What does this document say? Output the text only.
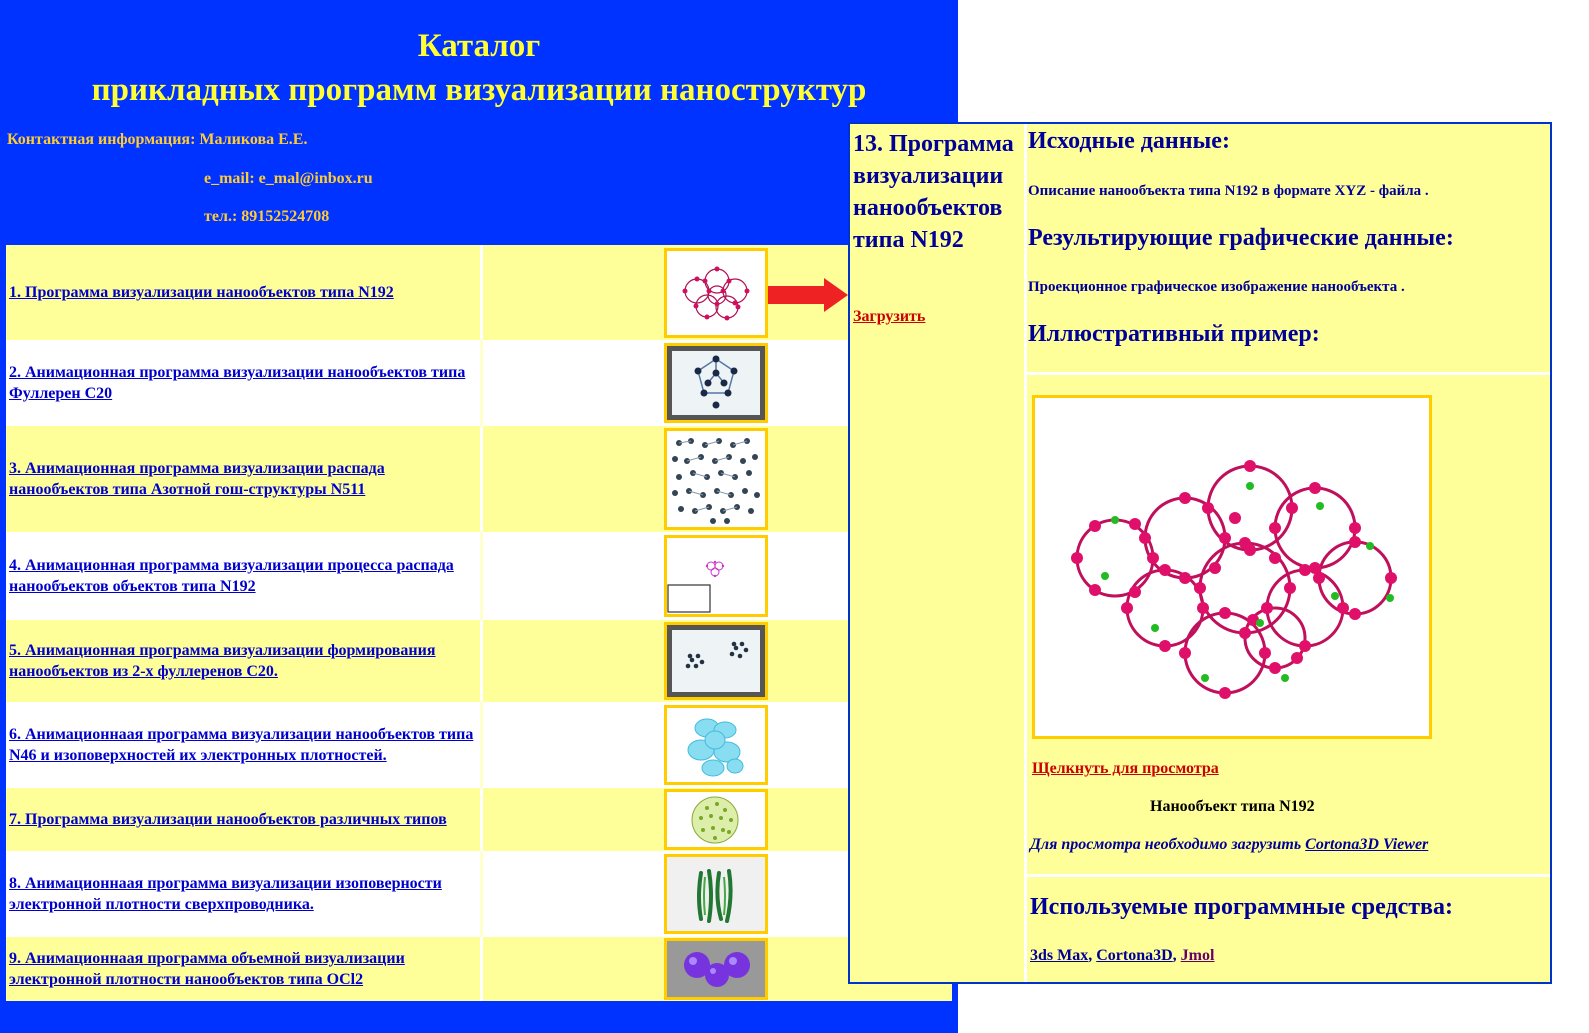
Каталог
прикладных программ визуализации наноструктур
Контактная информация: Маликова Е.Е.
e_mail: e_mal@inbox.ru
тел.: 89152524708
1. Программа визуализации нанообъектов типа N192
2. Анимационная программа визуализации нанообъектов типа Фуллерен С20
3. Анимационная программа визуализации распада нанообъектов типа Азотной гош-структуры N511
4. Анимационная программа визуализации процесса распада нанообъектов объектов типа N192
5. Анимационная программа визуализации формирования нанообъектов из 2-х фуллеренов С20.
6. Анимационнаая программа визуализации нанообъектов типа N46 и изоповерхностей их электронных плотностей.
7. Программа визуализации нанообъектов различных типов
8. Анимационнаая программа визуализации изоповерности электронной плотности сверхпроводника.
9. Анимационнаая программа объемной визуализации электронной плотности нанообъектов типа OCl2
13. Программа визуализации нанообъектов типа N192
Загрузить
Исходные данные:
Описание нанообъекта типа N192 в формате XYZ - файла .
Результирующие графические данные:
Проекционное графическое изображение нанообъекта .
Иллюстративный пример:
Щелкнуть для просмотра
Нанообъект типа N192
Для просмотра необходимо загрузить Cortona3D Viewer
Используемые программные средства:
3ds Max, Cortona3D, Jmol
